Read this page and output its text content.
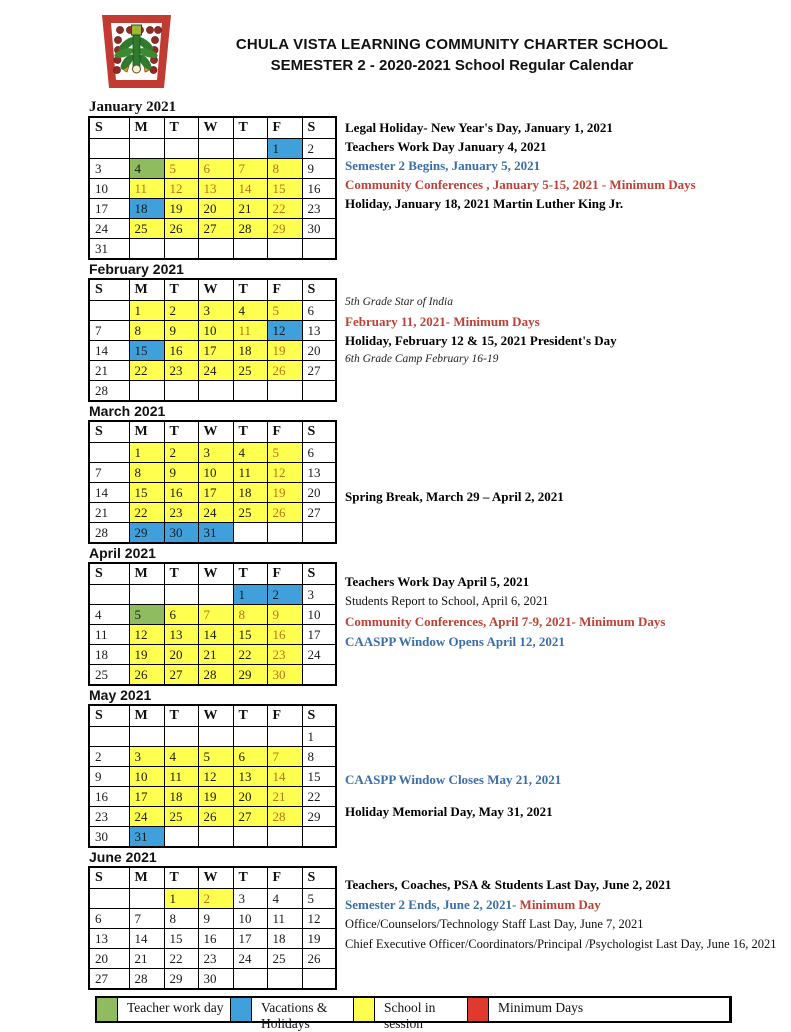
CHULA VISTA LEARNING COMMUNITY CHARTER SCHOOL
SEMESTER 2 - 2020-2021 School Regular Calendar
January 2021
S	M	T	W	T	F	S
					1	2
3	4	5	6	7	8	9
10	11	12	13	14	15	16
17	18	19	20	21	22	23
24	25	26	27	28	29	30
31						
Legal Holiday- New Year's Day, January 1, 2021
Teachers Work Day January 4, 2021
Semester 2 Begins, January 5, 2021
Community Conferences , January 5-15, 2021 - Minimum Days
Holiday, January 18, 2021 Martin Luther King Jr.
February 2021
S	M	T	W	T	F	S
	1	2	3	4	5	6
7	8	9	10	11	12	13
14	15	16	17	18	19	20
21	22	23	24	25	26	27
28						
5th Grade Star of India
February 11, 2021- Minimum Days
Holiday, February 12 & 15, 2021 President's Day
6th Grade Camp February 16-19
March 2021
S	M	T	W	T	F	S
	1	2	3	4	5	6
7	8	9	10	11	12	13
14	15	16	17	18	19	20
21	22	23	24	25	26	27
28	29	30	31			
Spring Break, March 29 – April 2, 2021
April 2021
S	M	T	W	T	F	S
				1	2	3
4	5	6	7	8	9	10
11	12	13	14	15	16	17
18	19	20	21	22	23	24
25	26	27	28	29	30	
Teachers Work Day April 5, 2021
Students Report to School, April 6, 2021
Community Conferences, April 7-9, 2021- Minimum Days
CAASPP Window Opens April 12, 2021
May 2021
S	M	T	W	T	F	S
						1
2	3	4	5	6	7	8
9	10	11	12	13	14	15
16	17	18	19	20	21	22
23	24	25	26	27	28	29
30	31					
CAASPP Window Closes May 21, 2021
Holiday Memorial Day, May 31, 2021
June 2021
S	M	T	W	T	F	S
		1	2	3	4	5
6	7	8	9	10	11	12
13	14	15	16	17	18	19
20	21	22	23	24	25	26
27	28	29	30			
Teachers, Coaches, PSA & Students Last Day, June 2, 2021
Semester 2 Ends, June 2, 2021- Minimum Day
Office/Counselors/Technology Staff Last Day, June 7, 2021
Chief Executive Officer/Coordinators/Principal /Psychologist Last Day, June 16, 2021
Teacher work day	Vacations & Holidays
School in session
Minimum Days
